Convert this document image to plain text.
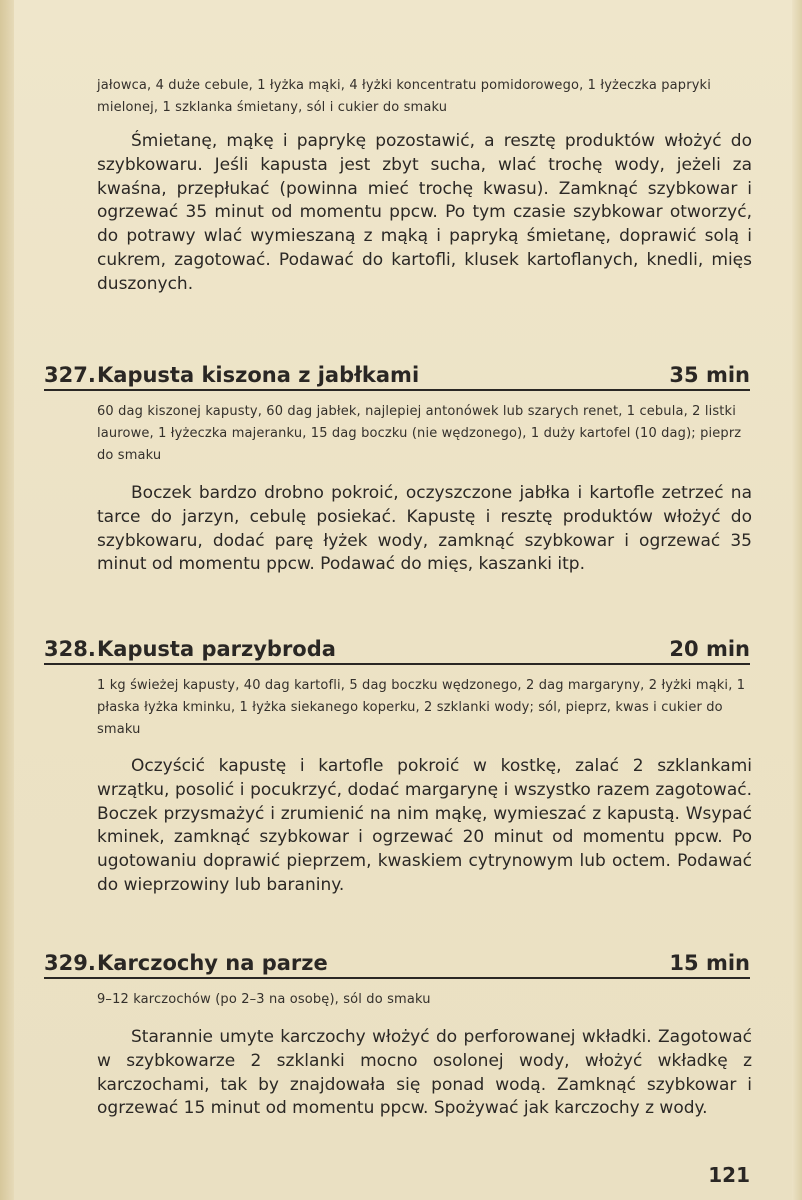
jałowca, 4 duże cebule, 1 łyżka mąki, 4 łyżki koncentratu pomidorowego, 1 łyżeczka papryki mielonej, 1 szklanka śmietany, sól i cukier do smaku

Śmietanę, mąkę i paprykę pozostawić, a resztę produktów włożyć do szybkowaru. Jeśli kapusta jest zbyt sucha, wlać trochę wody, jeżeli za kwaśna, przepłukać (powinna mieć trochę kwasu). Zamknąć szybkowar i ogrzewać 35 minut od momentu ppcw. Po tym czasie szybkowar otworzyć, do potrawy wlać wymieszaną z mąką i papryką śmietanę, doprawić solą i cukrem, zagotować. Podawać do kartofli, klusek kartoflanych, knedli, mięs duszonych.

327. Kapusta kiszona z jabłkami	35 min
60 dag kiszonej kapusty, 60 dag jabłek, najlepiej antonówek lub szarych renet, 1 cebula, 2 listki laurowe, 1 łyżeczka majeranku, 15 dag boczku (nie wędzonego), 1 duży kartofel (10 dag); pieprz do smaku

Boczek bardzo drobno pokroić, oczyszczone jabłka i kartofle zetrzeć na tarce do jarzyn, cebulę posiekać. Kapustę i resztę produktów włożyć do szybkowaru, dodać parę łyżek wody, zamknąć szybkowar i ogrzewać 35 minut od momentu ppcw. Podawać do mięs, kaszanki itp.

328. Kapusta parzybroda	20 min
1 kg świeżej kapusty, 40 dag kartofli, 5 dag boczku wędzonego, 2 dag margaryny, 2 łyżki mąki, 1 płaska łyżka kminku, 1 łyżka siekanego koperku, 2 szklanki wody; sól, pieprz, kwas i cukier do smaku

Oczyścić kapustę i kartofle pokroić w kostkę, zalać 2 szklankami wrzątku, posolić i pocukrzyć, dodać margarynę i wszystko razem zagotować. Boczek przysmażyć i zrumienić na nim mąkę, wymieszać z kapustą. Wsypać kminek, zamknąć szybkowar i ogrzewać 20 minut od momentu ppcw. Po ugotowaniu doprawić pieprzem, kwaskiem cytrynowym lub octem. Podawać do wieprzowiny lub baraniny.

329. Karczochy na parze	15 min
9–12 karczochów (po 2–3 na osobę), sól do smaku

Starannie umyte karczochy włożyć do perforowanej wkładki. Zagotować w szybkowarze 2 szklanki mocno osolonej wody, włożyć wkładkę z karczochami, tak by znajdowała się ponad wodą. Zamknąć szybkowar i ogrzewać 15 minut od momentu ppcw. Spożywać jak karczochy z wody.

121
